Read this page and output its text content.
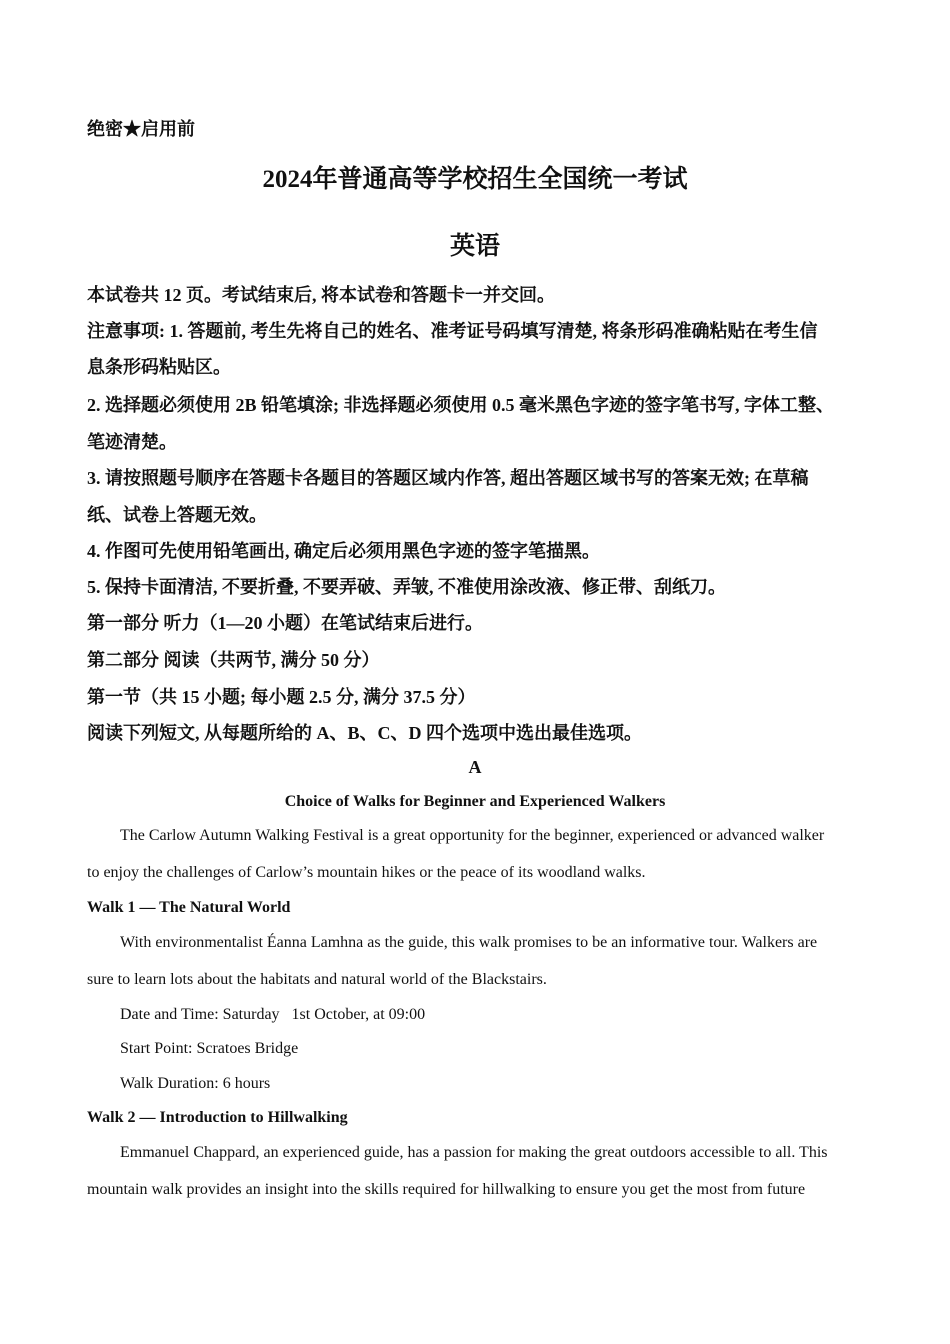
绝密★启用前
2024年普通高等学校招生全国统一考试
英语
本试卷共 12 页。考试结束后, 将本试卷和答题卡一并交回。
注意事项: 1. 答题前, 考生先将自己的姓名、准考证号码填写清楚, 将条形码准确粘贴在考生信
息条形码粘贴区。
2. 选择题必须使用 2B 铅笔填涂; 非选择题必须使用 0.5 毫米黑色字迹的签字笔书写, 字体工整、
笔迹清楚。
3. 请按照题号顺序在答题卡各题目的答题区域内作答, 超出答题区域书写的答案无效; 在草稿
纸、试卷上答题无效。
4. 作图可先使用铅笔画出, 确定后必须用黑色字迹的签字笔描黑。
5. 保持卡面清洁, 不要折叠, 不要弄破、弄皱, 不准使用涂改液、修正带、刮纸刀。
第一部分 听力（1—20 小题）在笔试结束后进行。
第二部分 阅读（共两节, 满分 50 分）
第一节（共 15 小题; 每小题 2.5 分, 满分 37.5 分）
阅读下列短文, 从每题所给的 A、B、C、D 四个选项中选出最佳选项。
A
Choice of Walks for Beginner and Experienced Walkers
The Carlow Autumn Walking Festival is a great opportunity for the beginner, experienced or advanced walker
to enjoy the challenges of Carlow’s mountain hikes or the peace of its woodland walks.
Walk 1 — The Natural World
With environmentalist Éanna Lamhna as the guide, this walk promises to be an informative tour. Walkers are
sure to learn lots about the habitats and natural world of the Blackstairs.
Date and Time: Saturday   1st October, at 09:00
Start Point: Scratoes Bridge
Walk Duration: 6 hours
Walk 2 — Introduction to Hillwalking
Emmanuel Chappard, an experienced guide, has a passion for making the great outdoors accessible to all. This
mountain walk provides an insight into the skills required for hillwalking to ensure you get the most from future
